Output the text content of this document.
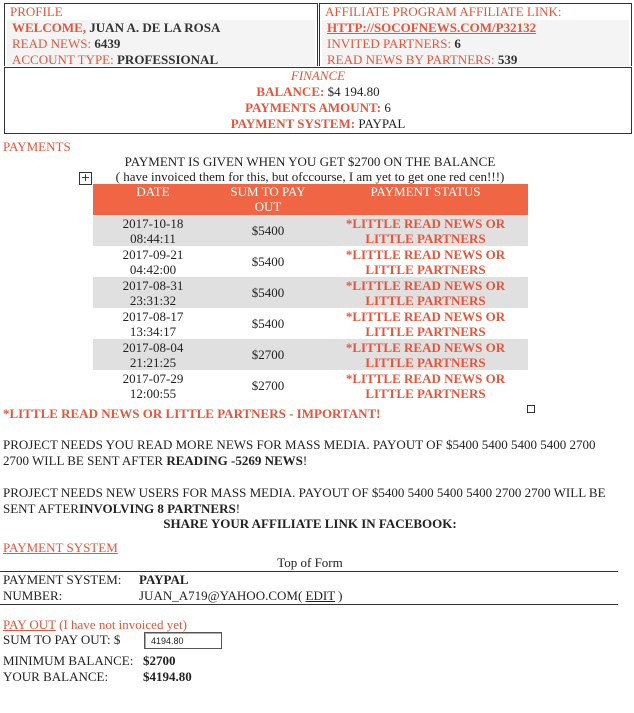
PROFILE
WELCOME, JUAN A. DE LA ROSA
READ NEWS: 6439
ACCOUNT TYPE: PROFESSIONAL
AFFILIATE PROGRAM AFFILIATE LINK:
HTTP://SOCOFNEWS.COM/P32132
INVITED PARTNERS: 6
READ NEWS BY PARTNERS: 539
FINANCE
BALANCE: $4 194.80
PAYMENTS AMOUNT: 6
PAYMENT SYSTEM: PAYPAL
PAYMENTS
PAYMENT IS GIVEN WHEN YOU GET $2700 ON THE BALANCE
( have invoiced them for this, but ofccourse, I am yet to get one red cen!!!)
+
DATE	SUM TO PAY OUT	PAYMENT STATUS
2017-10-18 08:44:11	$5400	*LITTLE READ NEWS OR LITTLE PARTNERS
2017-09-21 04:42:00	$5400	*LITTLE READ NEWS OR LITTLE PARTNERS
2017-08-31 23:31:32	$5400	*LITTLE READ NEWS OR LITTLE PARTNERS
2017-08-17 13:34:17	$5400	*LITTLE READ NEWS OR LITTLE PARTNERS
2017-08-04 21:21:25	$2700	*LITTLE READ NEWS OR LITTLE PARTNERS
2017-07-29 12:00:55	$2700	*LITTLE READ NEWS OR LITTLE PARTNERS
*LITTLE READ NEWS OR LITTLE PARTNERS - IMPORTANT!
PROJECT NEEDS YOU READ MORE NEWS FOR MASS MEDIA. PAYOUT OF $5400 5400 5400 5400 2700 2700 WILL BE SENT AFTER READING -5269 NEWS!
PROJECT NEEDS NEW USERS FOR MASS MEDIA. PAYOUT OF $5400 5400 5400 5400 2700 2700 WILL BE SENT AFTERINVOLVING 8 PARTNERS!
SHARE YOUR AFFILIATE LINK IN FACEBOOK:
PAYMENT SYSTEM
Top of Form
PAYMENT SYSTEM: PAYPAL
NUMBER:	JUAN_A719@YAHOO.COM( EDIT )
PAY OUT (I have not invoiced yet)
SUM TO PAY OUT: $	4194.80
MINIMUM BALANCE: $2700
YOUR BALANCE:	$4194.80
